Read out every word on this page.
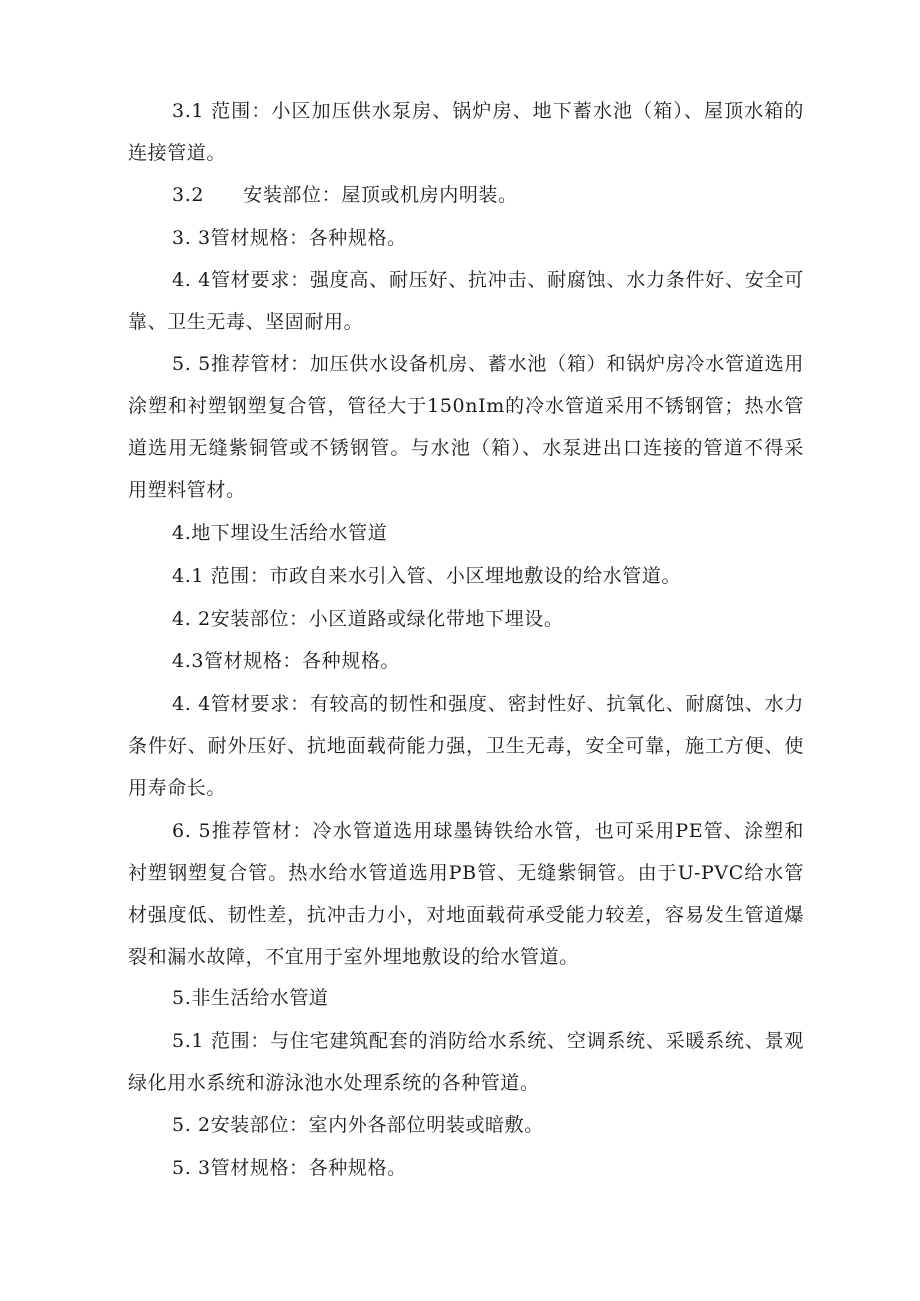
3.1 范围：小区加压供水泵房、锅炉房、地下蓄水池（箱）、屋顶水箱的连接管道。

3.2　　安装部位：屋顶或机房内明装。

3. 3管材规格：各种规格。

4. 4管材要求：强度高、耐压好、抗冲击、耐腐蚀、水力条件好、安全可靠、卫生无毒、坚固耐用。

5. 5推荐管材：加压供水设备机房、蓄水池（箱）和锅炉房冷水管道选用涂塑和衬塑钢塑复合管，管径大于150nIm的冷水管道采用不锈钢管；热水管道选用无缝紫铜管或不锈钢管。与水池（箱）、水泵进出口连接的管道不得采用塑料管材。

4.地下埋设生活给水管道

4.1 范围：市政自来水引入管、小区埋地敷设的给水管道。

4. 2安装部位：小区道路或绿化带地下埋设。

4.3管材规格：各种规格。

4. 4管材要求：有较高的韧性和强度、密封性好、抗氧化、耐腐蚀、水力条件好、耐外压好、抗地面载荷能力强，卫生无毒，安全可靠，施工方便、使用寿命长。

6. 5推荐管材：冷水管道选用球墨铸铁给水管，也可采用PE管、涂塑和衬塑钢塑复合管。热水给水管道选用PB管、无缝紫铜管。由于U-PVC给水管材强度低、韧性差，抗冲击力小，对地面载荷承受能力较差，容易发生管道爆裂和漏水故障，不宜用于室外埋地敷设的给水管道。

5.非生活给水管道

5.1 范围：与住宅建筑配套的消防给水系统、空调系统、采暖系统、景观绿化用水系统和游泳池水处理系统的各种管道。

5. 2安装部位：室内外各部位明装或暗敷。

5. 3管材规格：各种规格。
